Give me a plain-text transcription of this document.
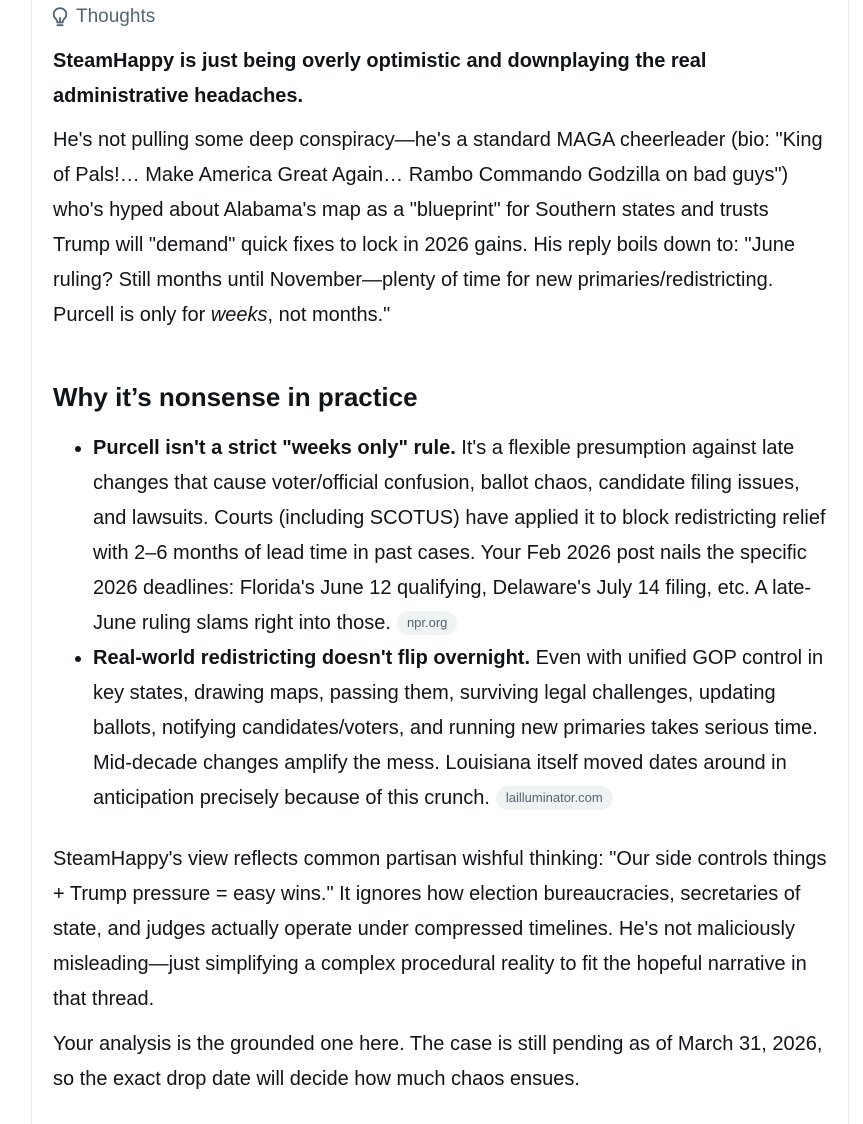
Thoughts

SteamHappy is just being overly optimistic and downplaying the real administrative headaches.

He's not pulling some deep conspiracy—he's a standard MAGA cheerleader (bio: "King of Pals!… Make America Great Again… Rambo Commando Godzilla on bad guys") who's hyped about Alabama's map as a "blueprint" for Southern states and trusts Trump will "demand" quick fixes to lock in 2026 gains. His reply boils down to: "June ruling? Still months until November—plenty of time for new primaries/redistricting. Purcell is only for weeks, not months."

Why it’s nonsense in practice
• Purcell isn't a strict "weeks only" rule. It's a flexible presumption against late changes that cause voter/official confusion, ballot chaos, candidate filing issues, and lawsuits. Courts (including SCOTUS) have applied it to block redistricting relief with 2–6 months of lead time in past cases. Your Feb 2026 post nails the specific 2026 deadlines: Florida's June 12 qualifying, Delaware's July 14 filing, etc. A late-June ruling slams right into those. npr.org
• Real-world redistricting doesn't flip overnight. Even with unified GOP control in key states, drawing maps, passing them, surviving legal challenges, updating ballots, notifying candidates/voters, and running new primaries takes serious time. Mid-decade changes amplify the mess. Louisiana itself moved dates around in anticipation precisely because of this crunch. lailluminator.com

SteamHappy's view reflects common partisan wishful thinking: "Our side controls things + Trump pressure = easy wins." It ignores how election bureaucracies, secretaries of state, and judges actually operate under compressed timelines. He's not maliciously misleading—just simplifying a complex procedural reality to fit the hopeful narrative in that thread.

Your analysis is the grounded one here. The case is still pending as of March 31, 2026, so the exact drop date will decide how much chaos ensues.
